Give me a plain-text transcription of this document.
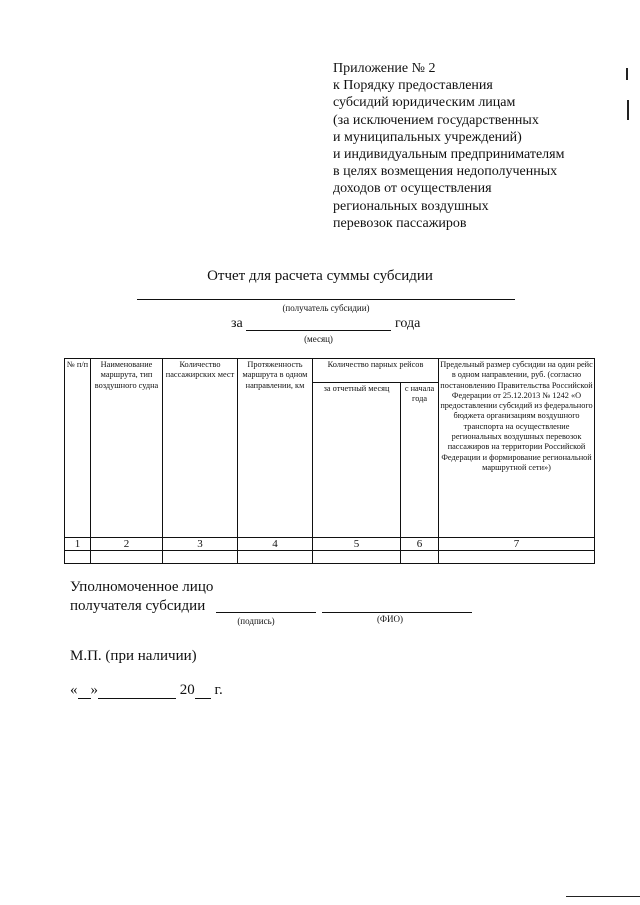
Приложение № 2
к Порядку предоставления
субсидий юридическим лицам
(за исключением государственных
и муниципальных учреждений)
и индивидуальным предпринимателям
в целях возмещения недополученных
доходов от осуществления
региональных воздушных
перевозок пассажиров
Отчет для расчета суммы субсидии
(получатель субсидии)
за	года
(месяц)
№ п/п	Наименование маршрута, тип воздушного судна	Количество пассажирских мест	Протяженность маршрута в одном направлении, км	Количество парных рейсов		Предельный размер субсидии на один рейс в одном направлении, руб. (согласно постановлению Правительства Российской Федерации от 25.12.2013 № 1242 «О предоставлении субсидий из федерального бюджета организациям воздушного транспорта на осуществление региональных воздушных перевозок пассажиров на территории Российской Федерации и формирование региональной маршрутной сети»)
				за отчетный месяц	с начала года	
1	2	3	4	5	6	7

Уполномоченное лицо
получателя субсидии
(подпись)	(ФИО)
М.П. (при наличии)
« »	20 г.
